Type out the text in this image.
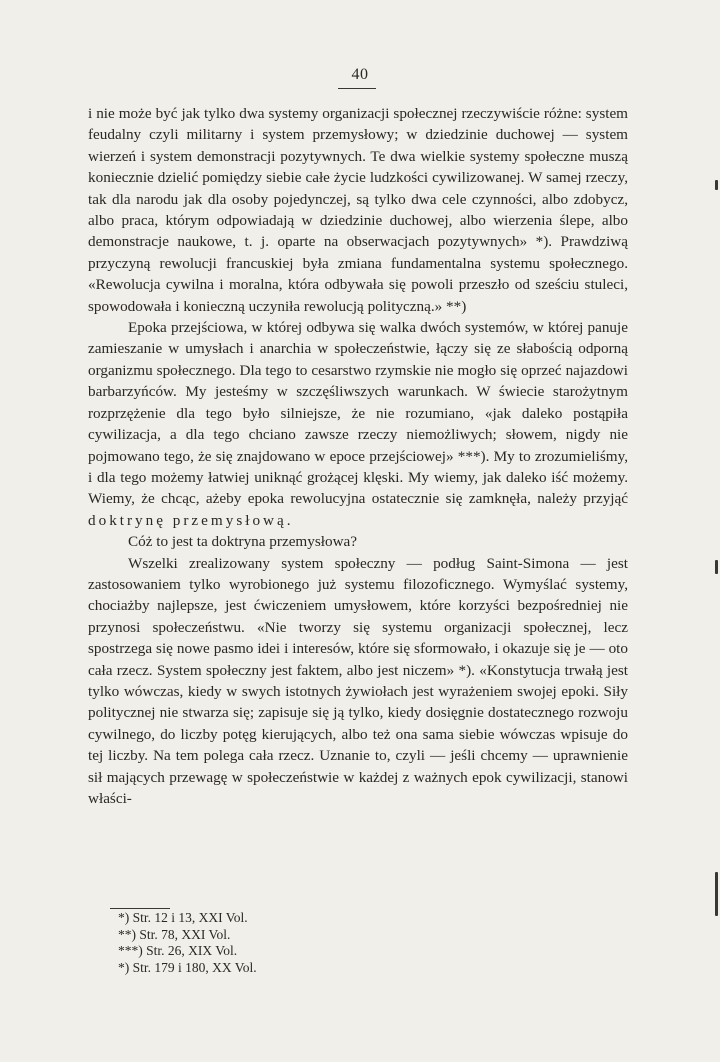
40

i nie może być jak tylko dwa systemy organizacji społecznej rzeczywiście różne: system feudalny czyli militarny i system przemysłowy; w dziedzinie duchowej — system wierzeń i system demonstracji pozytywnych. Te dwa wielkie systemy społeczne muszą koniecznie dzielić pomiędzy siebie całe życie ludzkości cywilizowanej. W samej rzeczy, tak dla narodu jak dla osoby pojedynczej, są tylko dwa cele czynności, albo zdobycz, albo praca, którym odpowiadają w dziedzinie duchowej, albo wierzenia ślepe, albo demonstracje naukowe, t. j. oparte na obserwacjach pozytywnych» *). Prawdziwą przyczyną rewolucji francuskiej była zmiana fundamentalna systemu społecznego. «Rewolucja cywilna i moralna, która odbywała się powoli przeszło od sześciu stuleci, spowodowała i konieczną uczyniła rewolucją polityczną.» **)

Epoka przejściowa, w której odbywa się walka dwóch systemów, w której panuje zamieszanie w umysłach i anarchia w społeczeństwie, łączy się ze słabością odporną organizmu społecznego. Dla tego to cesarstwo rzymskie nie mogło się oprzeć najazdowi barbarzyńców. My jesteśmy w szczęśliwszych warunkach. W świecie starożytnym rozprzężenie dla tego było silniejsze, że nie rozumiano, «jak daleko postąpiła cywilizacja, a dla tego chciano zawsze rzeczy niemożliwych; słowem, nigdy nie pojmowano tego, że się znajdowano w epoce przejściowej» ***). My to zrozumieliśmy, i dla tego możemy łatwiej uniknąć grożącej klęski. My wiemy, jak daleko iść możemy. Wiemy, że chcąc, ażeby epoka rewolucyjna ostatecznie się zamknęła, należy przyjąć doktrynę przemysłową.

Cóż to jest ta doktryna przemysłowa?

Wszelki zrealizowany system społeczny — podług Saint-Simona — jest zastosowaniem tylko wyrobionego już systemu filozoficznego. Wymyślać systemy, chociażby najlepsze, jest ćwiczeniem umysłowem, które korzyści bezpośredniej nie przynosi społeczeństwu. «Nie tworzy się systemu organizacji społecznej, lecz spostrzega się nowe pasmo idei i interesów, które się sformowało, i okazuje się je — oto cała rzecz. System społeczny jest faktem, albo jest niczem» *). «Konstytucja trwałą jest tylko wówczas, kiedy w swych istotnych żywiołach jest wyrażeniem swojej epoki. Siły politycznej nie stwarza się; zapisuje się ją tylko, kiedy dosięgnie dostatecznego rozwoju cywilnego, do liczby potęg kierujących, albo też ona sama siebie wówczas wpisuje do tej liczby. Na tem polega cała rzecz. Uznanie to, czyli — jeśli chcemy — uprawnienie sił mających przewagę w społeczeństwie w każdej z ważnych epok cywilizacji, stanowi właści-

*) Str. 12 i 13, XXI Vol.
**) Str. 78, XXI Vol.
***) Str. 26, XIX Vol.
*) Str. 179 i 180, XX Vol.
